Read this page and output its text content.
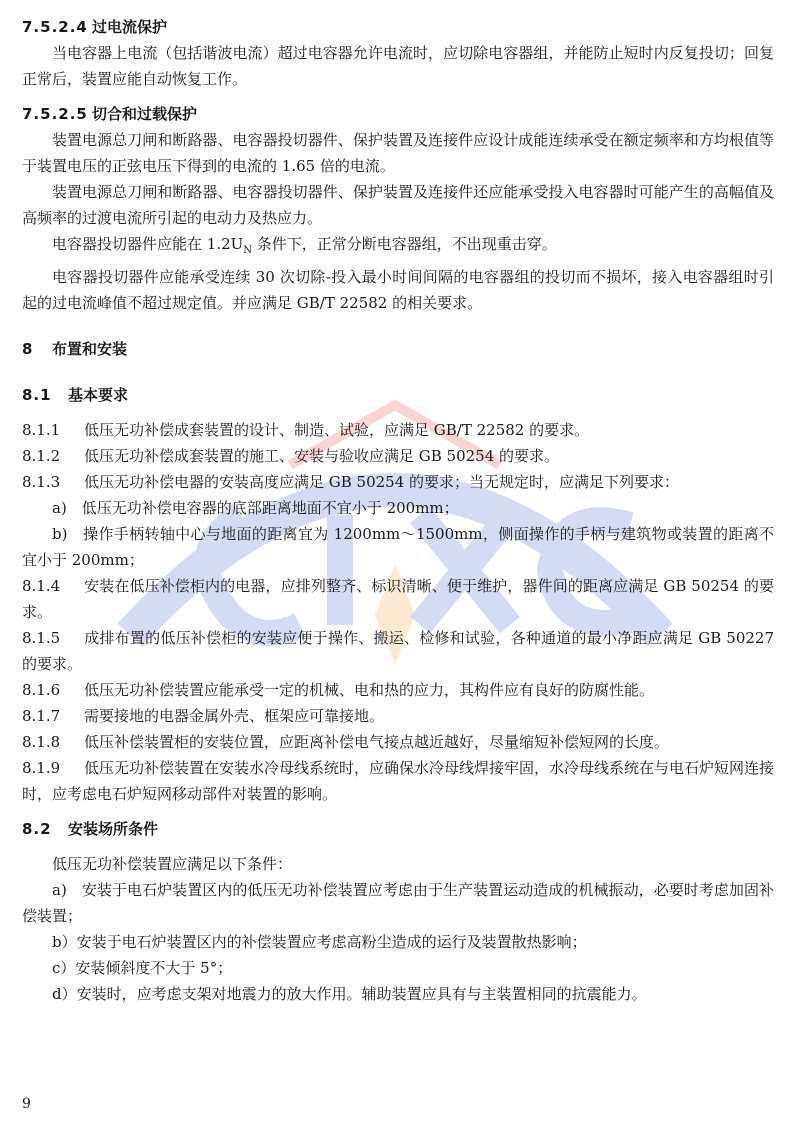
7.5.2.4 过电流保护

当电容器上电流（包括谐波电流）超过电容器允许电流时，应切除电容器组，并能防止短时内反复投切；回复正常后，装置应能自动恢复工作。

7.5.2.5 切合和过载保护

装置电源总刀闸和断路器、电容器投切器件、保护装置及连接件应设计成能连续承受在额定频率和方均根值等于装置电压的正弦电压下得到的电流的 1.65 倍的电流。

装置电源总刀闸和断路器、电容器投切器件、保护装置及连接件还应能承受投入电容器时可能产生的高幅值及高频率的过渡电流所引起的电动力及热应力。

电容器投切器件应能在 $1.2U_N$ 条件下，正常分断电容器组，不出现重击穿。

电容器投切器件应能承受连续 30 次切除-投入最小时间间隔的电容器组的投切而不损坏，接入电容器组时引起的过电流峰值不超过规定值。并应满足 GB/T 22582 的相关要求。

8 布置和安装
8.1 基本要求

8.1.1 低压无功补偿成套装置的设计、制造、试验，应满足 GB/T 22582 的要求。

8.1.2 低压无功补偿成套装置的施工、安装与验收应满足 GB 50254 的要求。

8.1.3 低压无功补偿电器的安装高度应满足 GB 50254 的要求；当无规定时，应满足下列要求：

a)　低压无功补偿电容器的底部距离地面不宜小于 200mm；

b)　操作手柄转轴中心与地面的距离宜为 1200mm～1500mm，侧面操作的手柄与建筑物或装置的距离不宜小于 200mm；

8.1.4 安装在低压补偿柜内的电器，应排列整齐、标识清晰、便于维护，器件间的距离应满足 GB 50254 的要求。

8.1.5 成排布置的低压补偿柜的安装应便于操作、搬运、检修和试验，各种通道的最小净距应满足 GB 50227 的要求。

8.1.6 低压无功补偿装置应能承受一定的机械、电和热的应力，其构件应有良好的防腐性能。

8.1.7 需要接地的电器金属外壳、框架应可靠接地。

8.1.8 低压补偿装置柜的安装位置，应距离补偿电气接点越近越好，尽量缩短补偿短网的长度。

8.1.9 低压无功补偿装置在安装水冷母线系统时，应确保水冷母线焊接牢固，水冷母线系统在与电石炉短网连接时，应考虑电石炉短网移动部件对装置的影响。

8.2 安装场所条件

低压无功补偿装置应满足以下条件：

a)　安装于电石炉装置区内的低压无功补偿装置应考虑由于生产装置运动造成的机械振动，必要时考虑加固补偿装置；

b）安装于电石炉装置区内的补偿装置应考虑高粉尘造成的运行及装置散热影响；

c）安装倾斜度不大于 5°；

d）安装时，应考虑支架对地震力的放大作用。辅助装置应具有与主装置相同的抗震能力。

9
